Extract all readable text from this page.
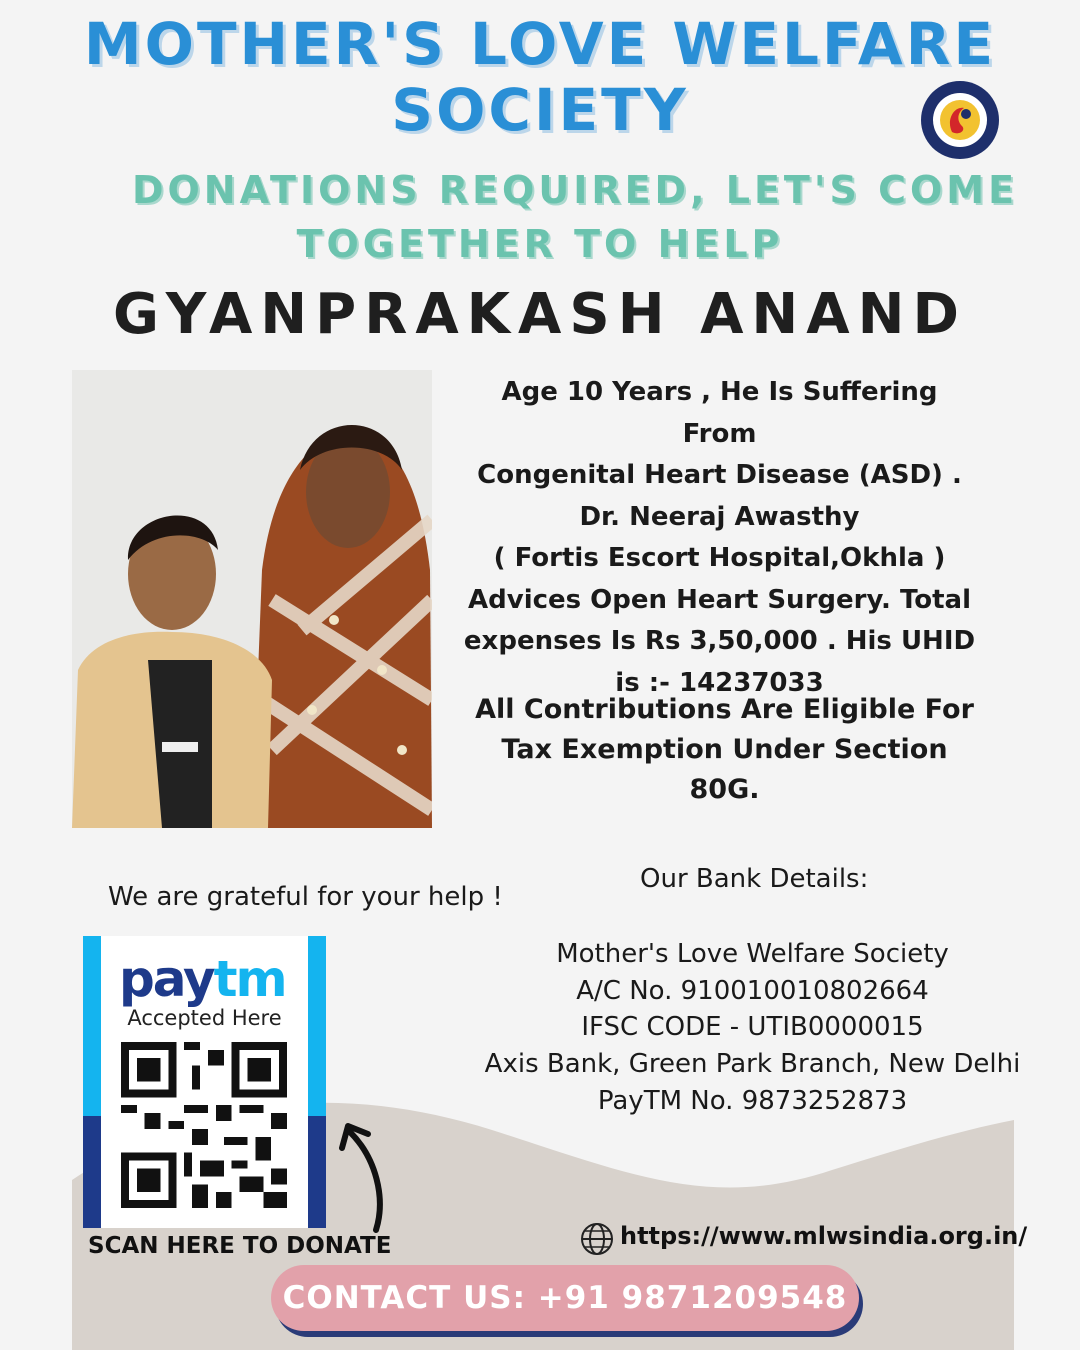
MOTHER'S LOVE WELFARE
SOCIETY
DONATIONS REQUIRED, LET'S COME
TOGETHER TO HELP
GYANPRAKASH ANAND
Age 10 Years , He Is Suffering From
Congenital Heart Disease (ASD) .
Dr. Neeraj Awasthy
( Fortis Escort Hospital,Okhla )
Advices Open Heart Surgery. Total
expenses Is Rs 3,50,000 . His UHID
is :- 14237033
All Contributions Are Eligible For
Tax Exemption Under Section
80G.
Our Bank Details:
We are grateful for your help !
Mother's Love Welfare Society
A/C No. 910010010802664
IFSC CODE - UTIB0000015
Axis Bank, Green Park Branch, New Delhi
PayTM No. 9873252873
paytm
Accepted Here
SCAN HERE TO DONATE	https://www.mlwsindia.org.in/
CONTACT US: +91 9871209548
